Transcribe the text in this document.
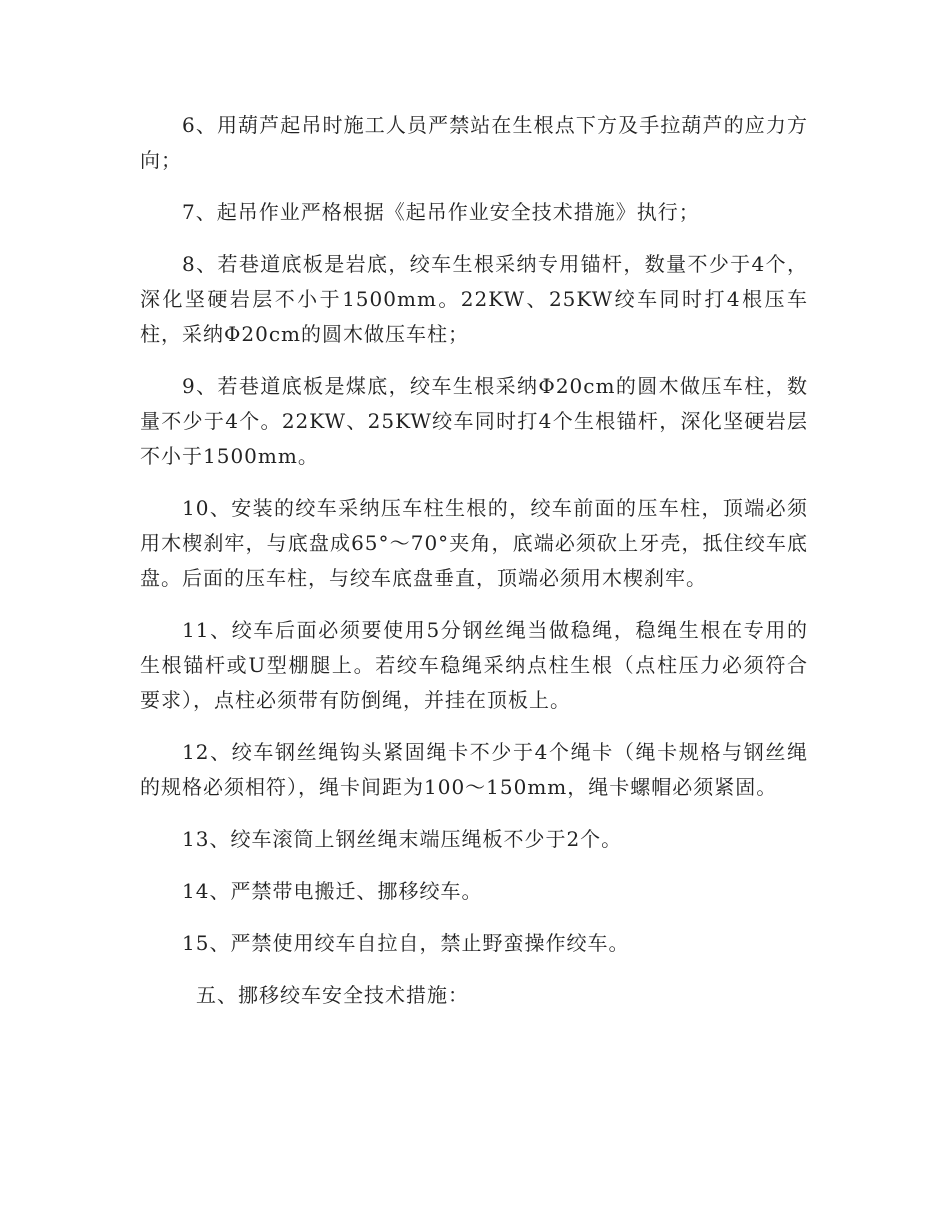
6、用葫芦起吊时施工人员严禁站在生根点下方及手拉葫芦的应力方向；

7、起吊作业严格根据《起吊作业安全技术措施》执行；

8、若巷道底板是岩底，绞车生根采纳专用锚杆，数量不少于4个，深化坚硬岩层不小于1500mm。22KW、25KW绞车同时打4根压车柱，采纳Φ20cm的圆木做压车柱；

9、若巷道底板是煤底，绞车生根采纳Φ20cm的圆木做压车柱，数量不少于4个。22KW、25KW绞车同时打4个生根锚杆，深化坚硬岩层不小于1500mm。

10、安装的绞车采纳压车柱生根的，绞车前面的压车柱，顶端必须用木楔刹牢，与底盘成65°～70°夹角，底端必须砍上牙壳，抵住绞车底盘。后面的压车柱，与绞车底盘垂直，顶端必须用木楔刹牢。

11、绞车后面必须要使用5分钢丝绳当做稳绳，稳绳生根在专用的生根锚杆或U型棚腿上。若绞车稳绳采纳点柱生根（点柱压力必须符合要求），点柱必须带有防倒绳，并挂在顶板上。

12、绞车钢丝绳钩头紧固绳卡不少于4个绳卡（绳卡规格与钢丝绳的规格必须相符），绳卡间距为100～150mm，绳卡螺帽必须紧固。

13、绞车滚筒上钢丝绳末端压绳板不少于2个。

14、严禁带电搬迁、挪移绞车。

15、严禁使用绞车自拉自，禁止野蛮操作绞车。

五、挪移绞车安全技术措施：
